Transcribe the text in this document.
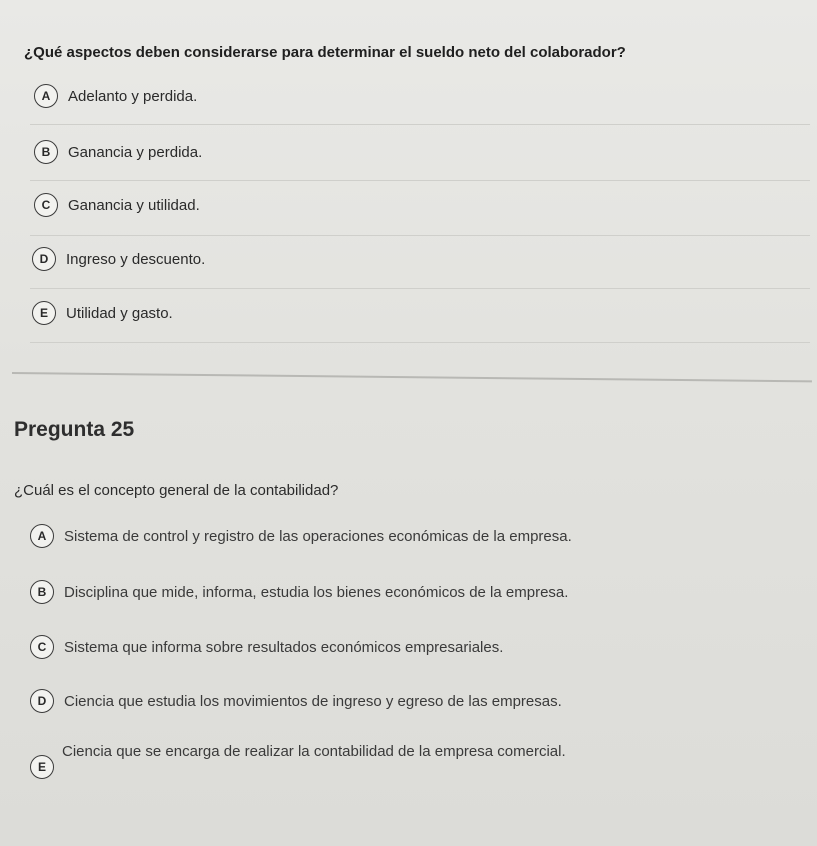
¿Qué aspectos deben considerarse para determinar el sueldo neto del colaborador?
A	Adelanto y perdida.
B	Ganancia y perdida.
C	Ganancia y utilidad.
D	Ingreso y descuento.
E	Utilidad y gasto.
Pregunta 25
¿Cuál es el concepto general de la contabilidad?
A	Sistema de control y registro de las operaciones económicas de la empresa.
B	Disciplina que mide, informa, estudia los bienes económicos de la empresa.
C	Sistema que informa sobre resultados económicos empresariales.
D	Ciencia que estudia los movimientos de ingreso y egreso de las empresas.
E
Ciencia que se encarga de realizar la contabilidad de la empresa comercial.
